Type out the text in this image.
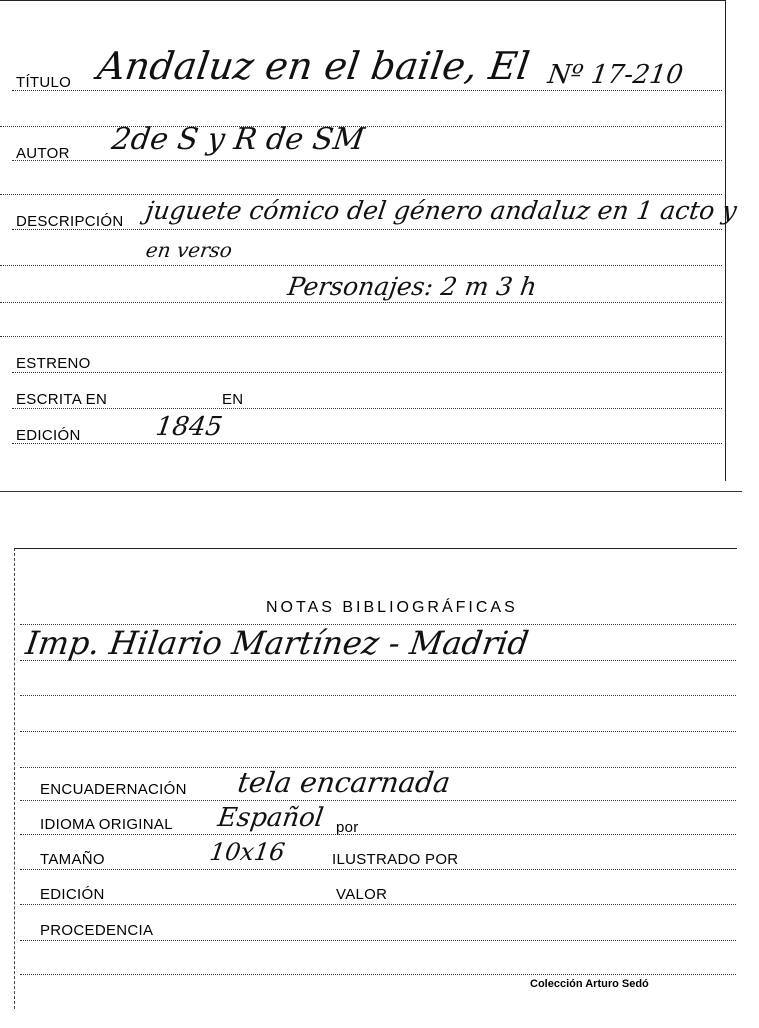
TÍTULO Andaluz en el baile, El Nº 17-210
AUTOR 2de S y R de SM
DESCRIPCIÓN juguete cómico del género andaluz en 1 acto y
en verso
Personajes: 2 m 3 h
ESTRENO
ESCRITA EN	EN
EDICIÓN	1845
NOTAS BIBLIOGRÁFICAS
Imp. Hilario Martínez - Madrid
ENCUADERNACIÓN tela encarnada
IDIOMA ORIGINAL Español por
TAMAÑO	10x16	ILUSTRADO POR
EDICIÓN	VALOR
PROCEDENCIA
Colección Arturo Sedó
